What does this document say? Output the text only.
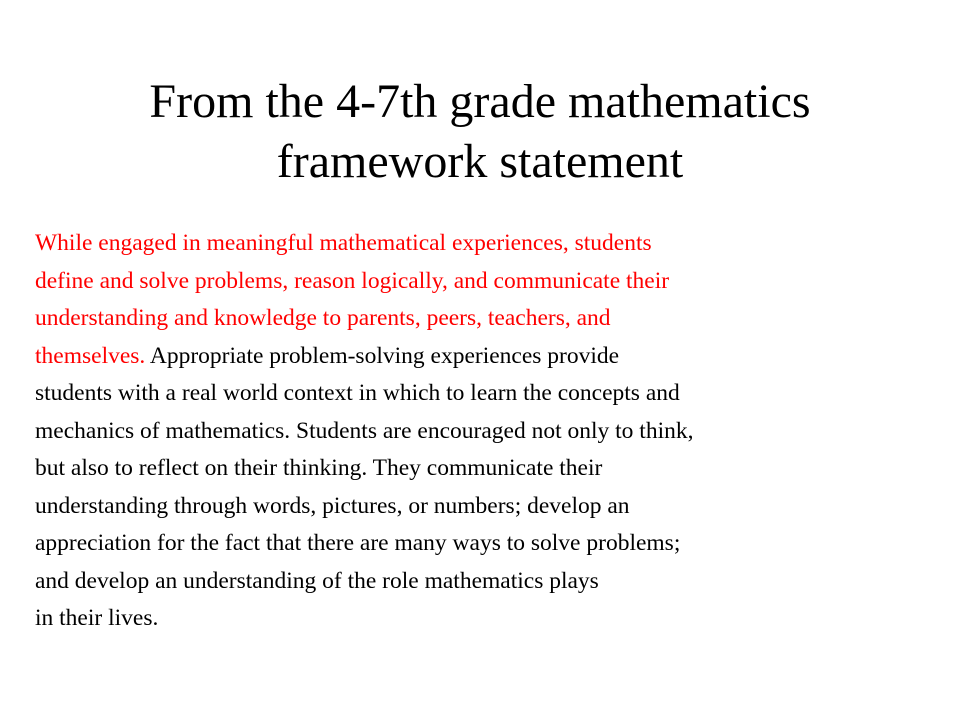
From the 4-7th grade mathematics
framework statement
While engaged in meaningful mathematical experiences, students
define and solve problems, reason logically, and communicate their
understanding and knowledge to parents, peers, teachers, and
themselves. Appropriate problem-solving experiences provide
students with a real world context in which to learn the concepts and
mechanics of mathematics. Students are encouraged not only to think,
but also to reflect on their thinking. They communicate their
understanding through words, pictures, or numbers; develop an
appreciation for the fact that there are many ways to solve problems;
and develop an understanding of the role mathematics plays
in their lives.
